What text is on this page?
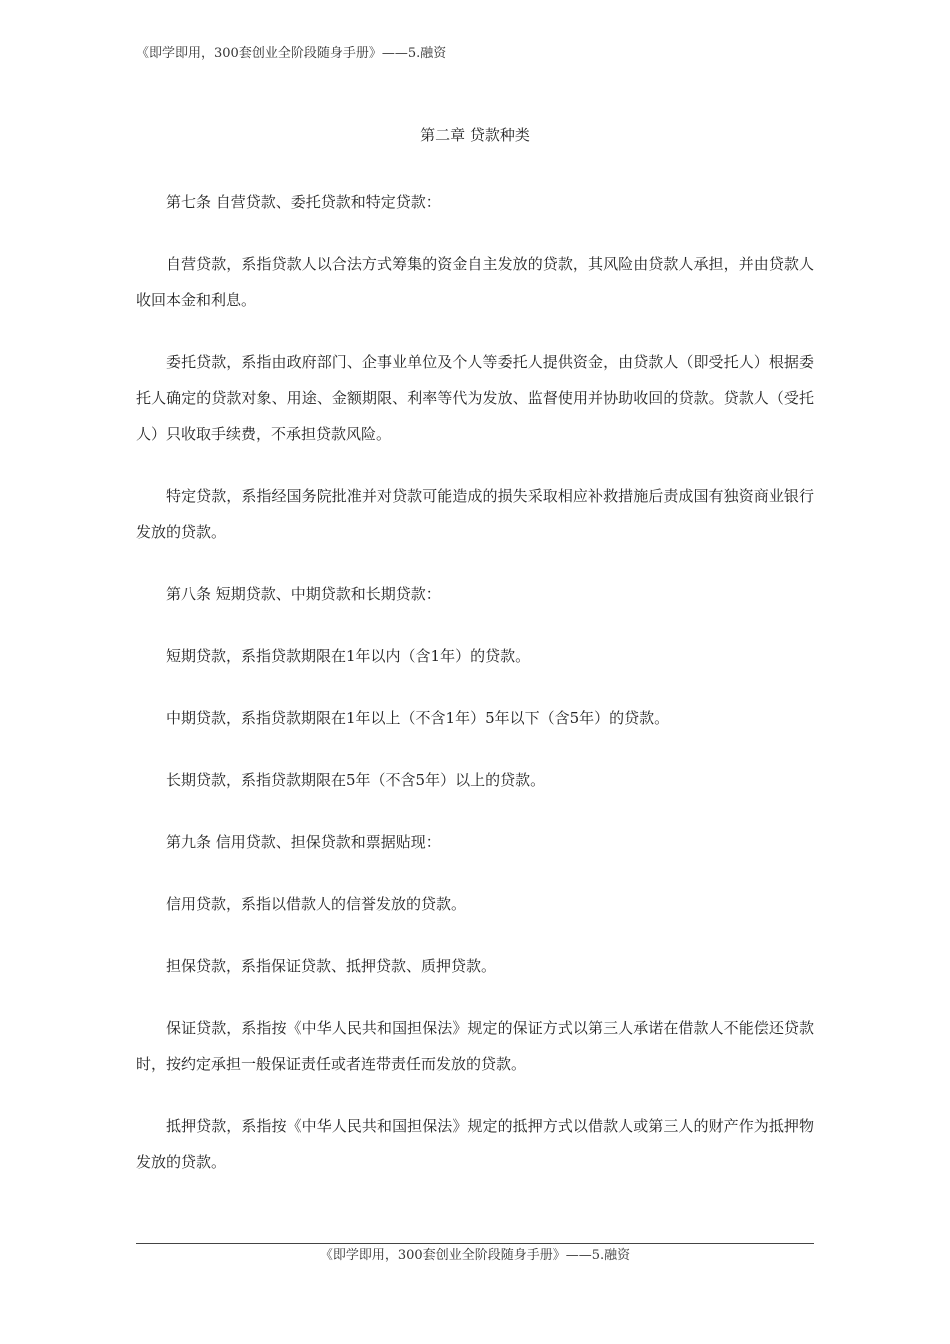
《即学即用，300套创业全阶段随身手册》——5.融资
第二章 贷款种类

第七条 自营贷款、委托贷款和特定贷款：

自营贷款，系指贷款人以合法方式筹集的资金自主发放的贷款，其风险由贷款人承担，并由贷款人收回本金和利息。

委托贷款，系指由政府部门、企事业单位及个人等委托人提供资金，由贷款人（即受托人）根据委托人确定的贷款对象、用途、金额期限、利率等代为发放、监督使用并协助收回的贷款。贷款人（受托人）只收取手续费，不承担贷款风险。

特定贷款，系指经国务院批准并对贷款可能造成的损失采取相应补救措施后责成国有独资商业银行发放的贷款。

第八条 短期贷款、中期贷款和长期贷款：

短期贷款，系指贷款期限在1年以内（含1年）的贷款。

中期贷款，系指贷款期限在1年以上（不含1年）5年以下（含5年）的贷款。

长期贷款，系指贷款期限在5年（不含5年）以上的贷款。

第九条 信用贷款、担保贷款和票据贴现：

信用贷款，系指以借款人的信誉发放的贷款。

担保贷款，系指保证贷款、抵押贷款、质押贷款。

保证贷款，系指按《中华人民共和国担保法》规定的保证方式以第三人承诺在借款人不能偿还贷款时，按约定承担一般保证责任或者连带责任而发放的贷款。

抵押贷款，系指按《中华人民共和国担保法》规定的抵押方式以借款人或第三人的财产作为抵押物发放的贷款。

《即学即用，300套创业全阶段随身手册》——5.融资
